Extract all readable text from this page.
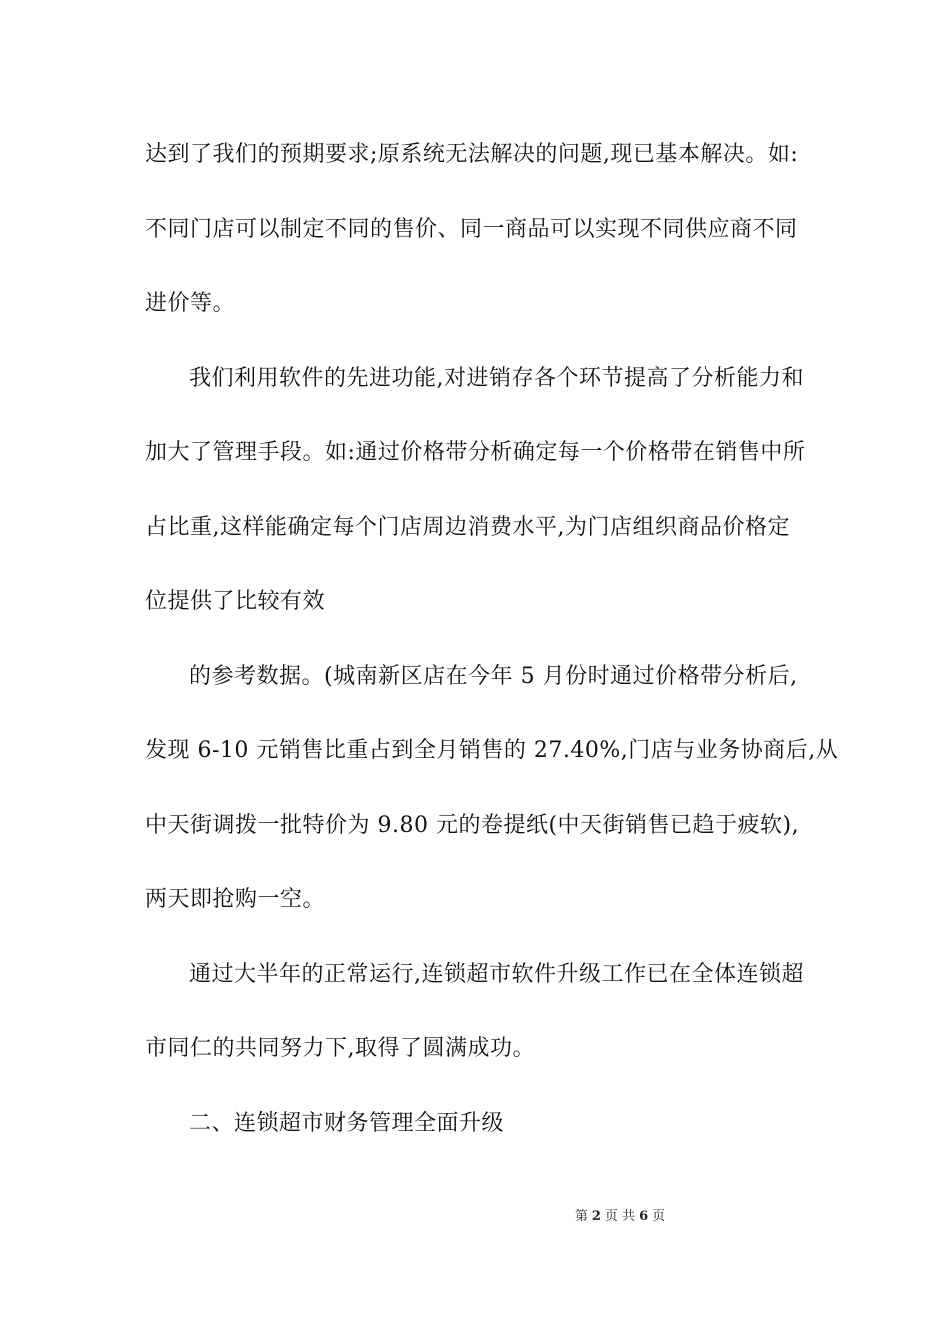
达到了我们的预期要求;原系统无法解决的问题,现已基本解决。如:

不同门店可以制定不同的售价、同一商品可以实现不同供应商不同

进价等。

我们利用软件的先进功能,对进销存各个环节提高了分析能力和

加大了管理手段。如:通过价格带分析确定每一个价格带在销售中所

占比重,这样能确定每个门店周边消费水平,为门店组织商品价格定

位提供了比较有效

的参考数据。(城南新区店在今年 5 月份时通过价格带分析后,

发现 6-10 元销售比重占到全月销售的 27.40%,门店与业务协商后,从

中天街调拨一批特价为 9.80 元的卷提纸(中天街销售已趋于疲软),

两天即抢购一空。

通过大半年的正常运行,连锁超市软件升级工作已在全体连锁超

市同仁的共同努力下,取得了圆满成功。

二、连锁超市财务管理全面升级

第 2 页 共 6 页
